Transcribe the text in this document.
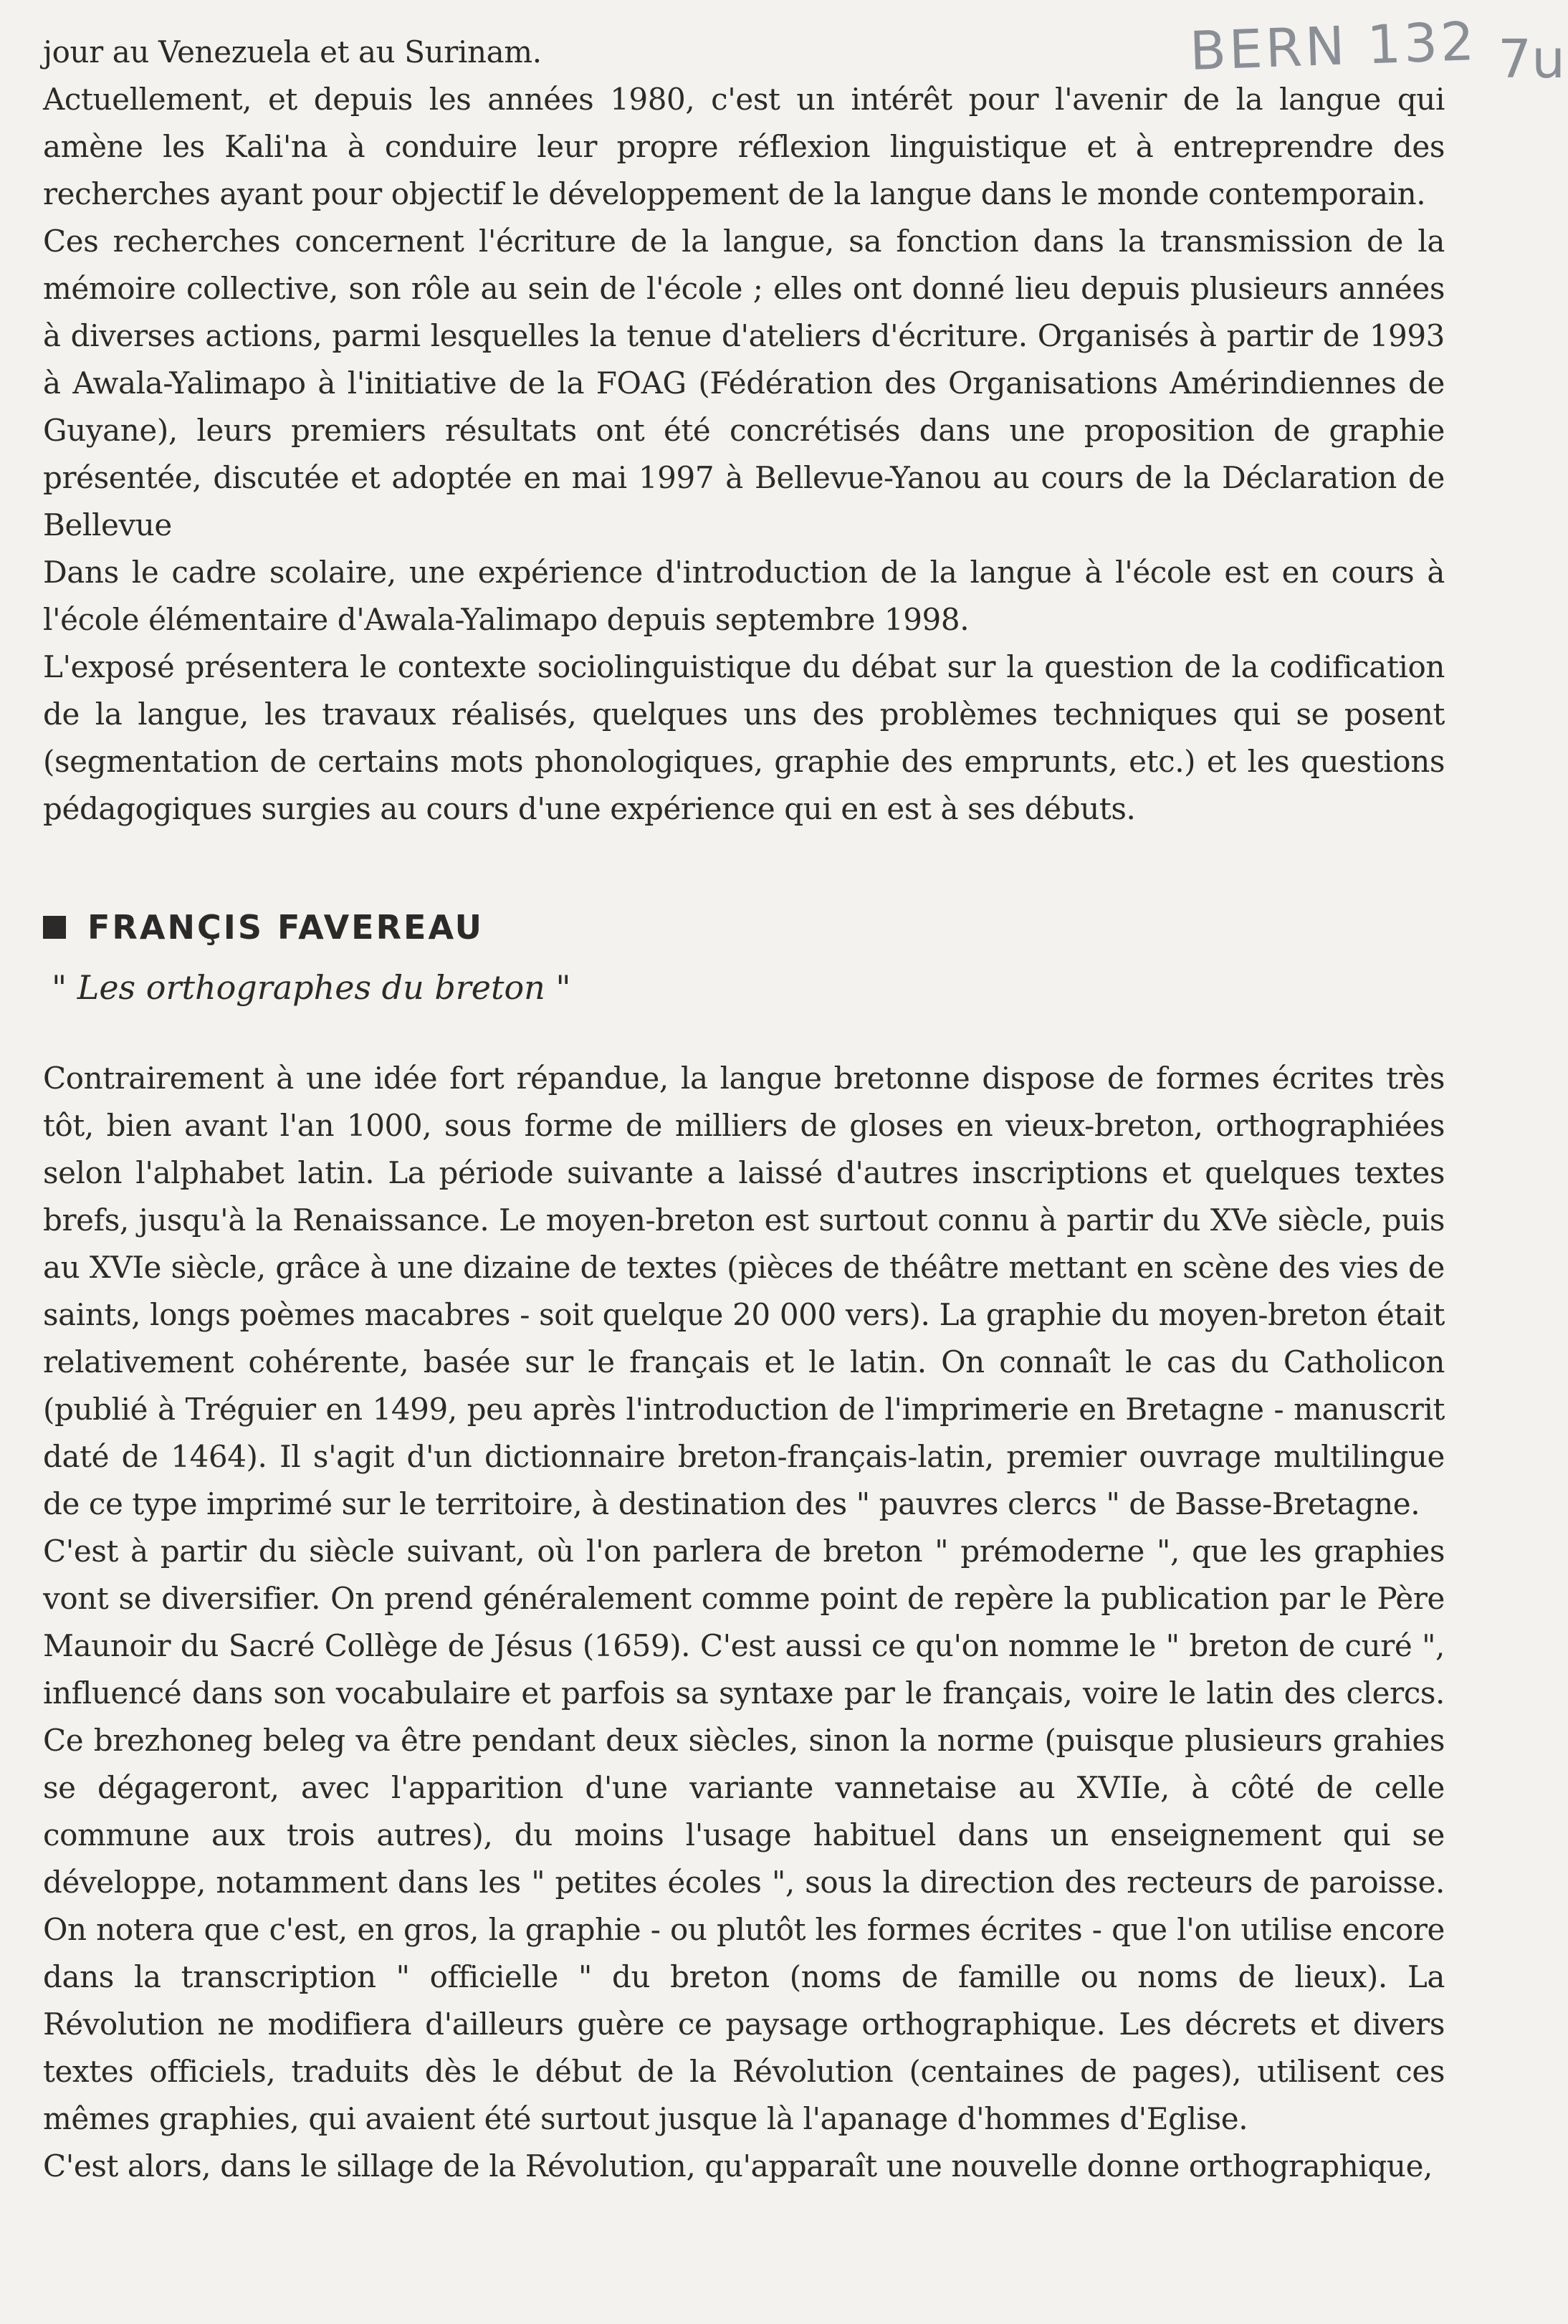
BERN 132 7u

jour au Venezuela et au Surinam.

Actuellement, et depuis les années 1980, c'est un intérêt pour l'avenir de la langue qui amène les Kali'na à conduire leur propre réflexion linguistique et à entreprendre des recherches ayant pour objectif le développement de la langue dans le monde contemporain.

Ces recherches concernent l'écriture de la langue, sa fonction dans la transmission de la mémoire collective, son rôle au sein de l'école ; elles ont donné lieu depuis plusieurs années à diverses actions, parmi lesquelles la tenue d'ateliers d'écriture. Organisés à partir de 1993 à Awala-Yalimapo à l'initiative de la FOAG (Fédération des Organisations Amérindiennes de Guyane), leurs premiers résultats ont été concrétisés dans une proposition de graphie présentée, discutée et adoptée en mai 1997 à Bellevue-Yanou au cours de la Déclaration de Bellevue

Dans le cadre scolaire, une expérience d'introduction de la langue à l'école est en cours à l'école élémentaire d'Awala-Yalimapo depuis septembre 1998.

L'exposé présentera le contexte sociolinguistique du débat sur la question de la codification de la langue, les travaux réalisés, quelques uns des problèmes techniques qui se posent (segmentation de certains mots phonologiques, graphie des emprunts, etc.) et les questions pédagogiques surgies au cours d'une expérience qui en est à ses débuts.

FRANÇIS FAVEREAU
" Les orthographes du breton "

Contrairement à une idée fort répandue, la langue bretonne dispose de formes écrites très tôt, bien avant l'an 1000, sous forme de milliers de gloses en vieux-breton, orthographiées selon l'alphabet latin. La période suivante a laissé d'autres inscriptions et quelques textes brefs, jusqu'à la Renaissance. Le moyen-breton est surtout connu à partir du XVe siècle, puis au XVIe siècle, grâce à une dizaine de textes (pièces de théâtre mettant en scène des vies de saints, longs poèmes macabres - soit quelque 20 000 vers). La graphie du moyen-breton était relativement cohérente, basée sur le français et le latin. On connaît le cas du Catholicon (publié à Tréguier en 1499, peu après l'introduction de l'imprimerie en Bretagne - manuscrit daté de 1464). Il s'agit d'un dictionnaire breton-français-latin, premier ouvrage multilingue de ce type imprimé sur le territoire, à destination des " pauvres clercs " de Basse-Bretagne.

C'est à partir du siècle suivant, où l'on parlera de breton " prémoderne ", que les graphies vont se diversifier. On prend généralement comme point de repère la publication par le Père Maunoir du Sacré Collège de Jésus (1659). C'est aussi ce qu'on nomme le " breton de curé ", influencé dans son vocabulaire et parfois sa syntaxe par le français, voire le latin des clercs. Ce brezhoneg beleg va être pendant deux siècles, sinon la norme (puisque plusieurs grahies se dégageront, avec l'apparition d'une variante vannetaise au XVIIe, à côté de celle commune aux trois autres), du moins l'usage habituel dans un enseignement qui se développe, notamment dans les " petites écoles ", sous la direction des recteurs de paroisse. On notera que c'est, en gros, la graphie - ou plutôt les formes écrites - que l'on utilise encore dans la transcription " officielle " du breton (noms de famille ou noms de lieux). La Révolution ne modifiera d'ailleurs guère ce paysage orthographique. Les décrets et divers textes officiels, traduits dès le début de la Révolution (centaines de pages), utilisent ces mêmes graphies, qui avaient été surtout jusque là l'apanage d'hommes d'Eglise.

C'est alors, dans le sillage de la Révolution, qu'apparaît une nouvelle donne orthographique,
